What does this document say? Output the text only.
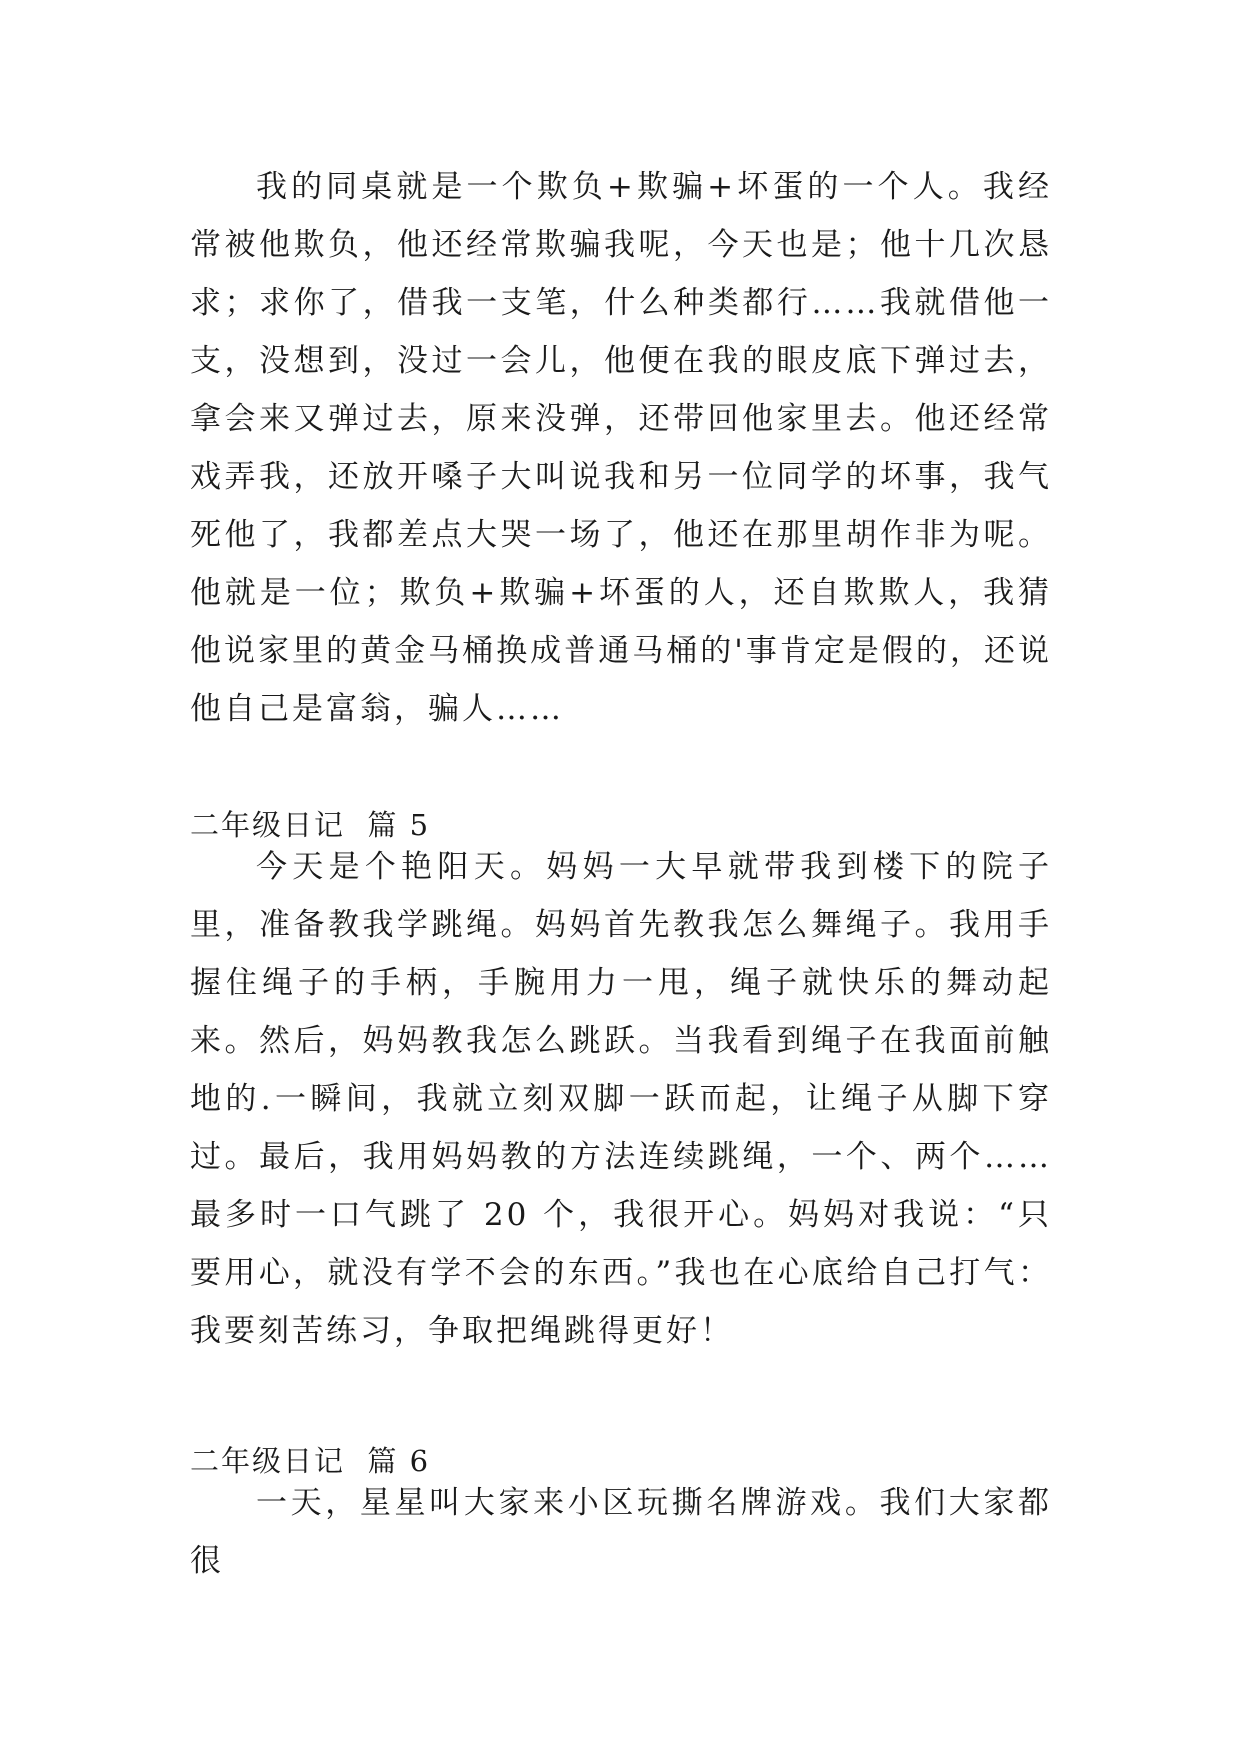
我的同桌就是一个欺负+欺骗+坏蛋的一个人。我经常被他欺负，他还经常欺骗我呢，今天也是；他十几次恳求；求你了，借我一支笔，什么种类都行……我就借他一支，没想到，没过一会儿，他便在我的眼皮底下弹过去，拿会来又弹过去，原来没弹，还带回他家里去。他还经常戏弄我，还放开嗓子大叫说我和另一位同学的坏事，我气死他了，我都差点大哭一场了，他还在那里胡作非为呢。他就是一位；欺负+欺骗+坏蛋的人，还自欺欺人，我猜他说家里的黄金马桶换成普通马桶的'事肯定是假的，还说他自己是富翁，骗人……

二年级日记  篇 5

今天是个艳阳天。妈妈一大早就带我到楼下的院子里，准备教我学跳绳。妈妈首先教我怎么舞绳子。我用手握住绳子的手柄，手腕用力一甩，绳子就快乐的舞动起来。然后，妈妈教我怎么跳跃。当我看到绳子在我面前触地的.一瞬间，我就立刻双脚一跃而起，让绳子从脚下穿过。最后，我用妈妈教的方法连续跳绳，一个、两个……最多时一口气跳了 20 个，我很开心。妈妈对我说：“只要用心，就没有学不会的东西。”我也在心底给自己打气：我要刻苦练习，争取把绳跳得更好！

二年级日记  篇 6

一天，星星叫大家来小区玩撕名牌游戏。我们大家都很
